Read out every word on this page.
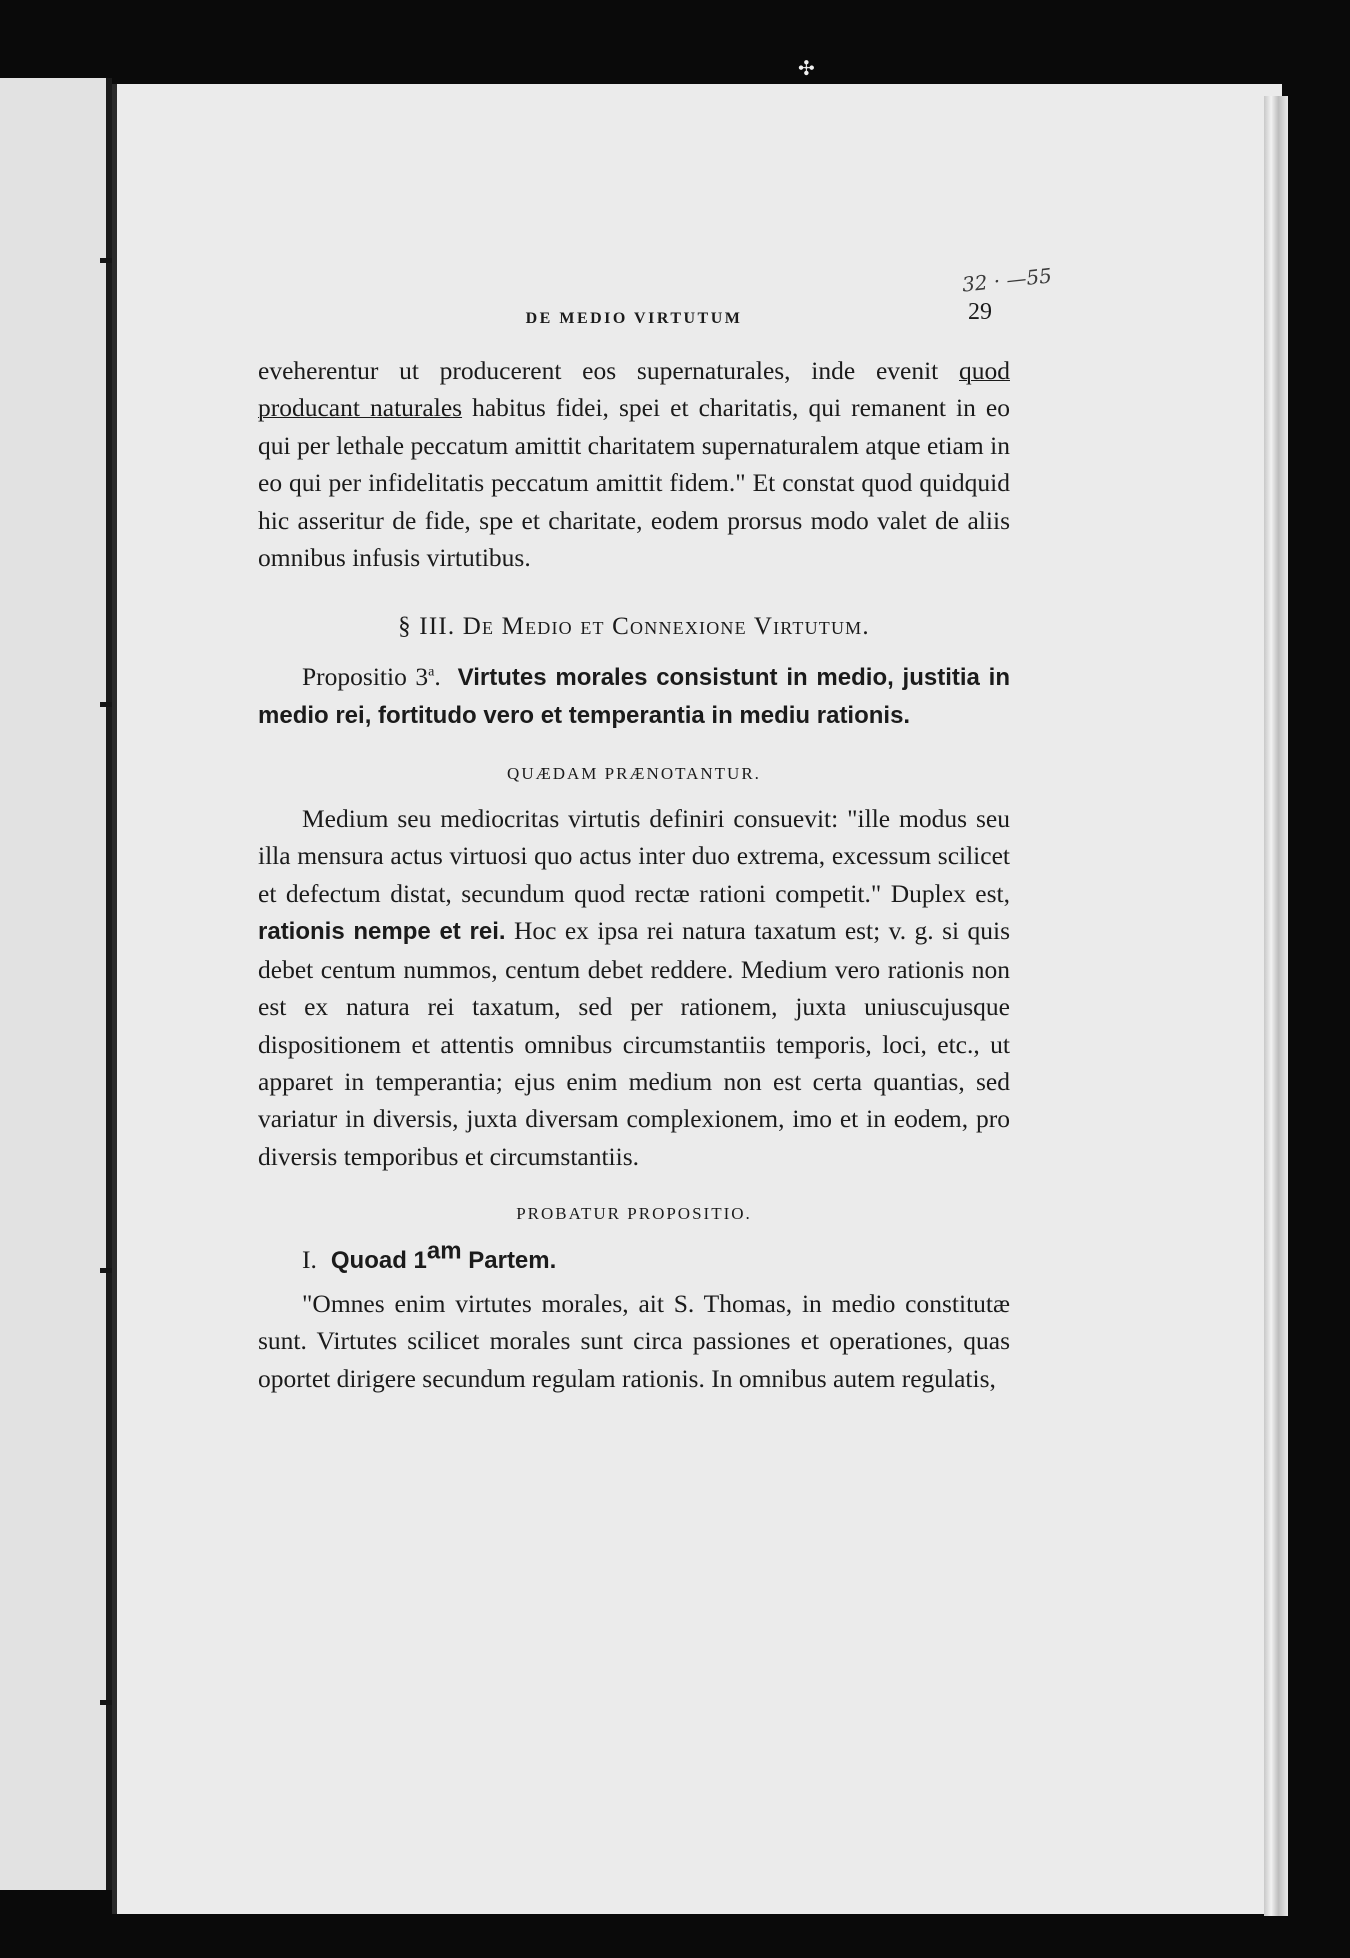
✣
DE MEDIO VIRTUTUM	29
32 · —55

eveherentur ut producerent eos supernaturales, inde evenit quod producant naturales habitus fidei, spei et charitatis, qui remanent in eo qui per lethale peccatum amittit charitatem supernaturalem atque etiam in eo qui per infidelitatis peccatum amittit fidem." Et constat quod quidquid hic asseritur de fide, spe et charitate, eodem prorsus modo valet de aliis omnibus infusis virtutibus.

§ III. De Medio et Connexione Virtutum.

Propositio 3$^a$. Virtutes morales consistunt in medio, justitia in medio rei, fortitudo vero et temperantia in mediu rationis.

QUÆDAM PRÆNOTANTUR.

Medium seu mediocritas virtutis definiri consuevit: "ille modus seu illa mensura actus virtuosi quo actus inter duo extrema, excessum scilicet et defectum distat, secundum quod rectæ rationi competit." Duplex est, rationis nempe et rei. Hoc ex ipsa rei natura taxatum est; v. g. si quis debet centum nummos, centum debet reddere. Medium vero rationis non est ex natura rei taxatum, sed per rationem, juxta uniuscujusque dispositionem et attentis omnibus circumstantiis temporis, loci, etc., ut apparet in temperantia; ejus enim medium non est certa quantias, sed variatur in diversis, juxta diversam complexionem, imo et in eodem, pro diversis temporibus et circumstantiis.

PROBATUR PROPOSITIO.

I. Quoad $1^{am}$ Partem.

"Omnes enim virtutes morales, ait S. Thomas, in medio constitutæ sunt. Virtutes scilicet morales sunt circa passiones et operationes, quas oportet dirigere secundum regulam rationis. In omnibus autem regulatis,
